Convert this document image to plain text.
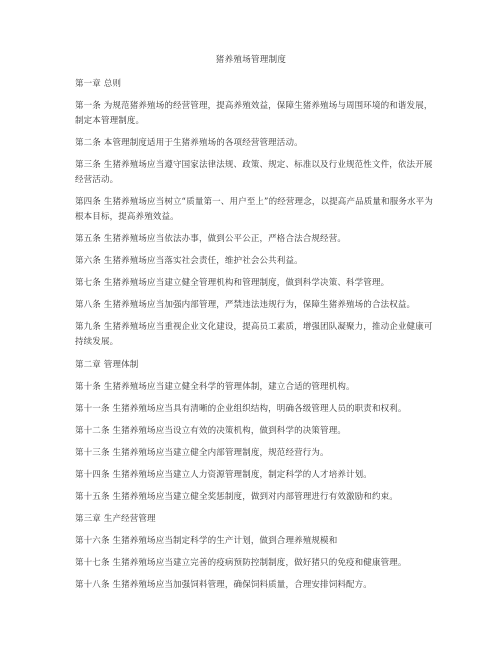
猪养殖场管理制度
第一章 总则
第一条 为规范猪养殖场的经营管理，提高养殖效益，保障生猪养殖场与周围环境的和谐发展，制定本管理制度。
第二条 本管理制度适用于生猪养殖场的各项经营管理活动。
第三条 生猪养殖场应当遵守国家法律法规、政策、规定、标准以及行业规范性文件，依法开展经营活动。
第四条 生猪养殖场应当树立“质量第一、用户至上”的经营理念，以提高产品质量和服务水平为根本目标，提高养殖效益。
第五条 生猪养殖场应当依法办事，做到公平公正，严格合法合规经营。
第六条 生猪养殖场应当落实社会责任，维护社会公共利益。
第七条 生猪养殖场应当建立健全管理机构和管理制度，做到科学决策、科学管理。
第八条 生猪养殖场应当加强内部管理，严禁违法违规行为，保障生猪养殖场的合法权益。
第九条 生猪养殖场应当重视企业文化建设，提高员工素质，增强团队凝聚力，推动企业健康可持续发展。
第二章 管理体制
第十条 生猪养殖场应当建立健全科学的管理体制，建立合适的管理机构。
第十一条 生猪养殖场应当具有清晰的企业组织结构，明确各级管理人员的职责和权利。
第十二条 生猪养殖场应当设立有效的决策机构，做到科学的决策管理。
第十三条 生猪养殖场应当建立健全内部管理制度，规范经营行为。
第十四条 生猪养殖场应当建立人力资源管理制度，制定科学的人才培养计划。
第十五条 生猪养殖场应当建立健全奖惩制度，做到对内部管理进行有效激励和约束。
第三章 生产经营管理
第十六条 生猪养殖场应当制定科学的生产计划，做到合理养殖规模和
第十七条 生猪养殖场应当建立完善的疫病预防控制制度，做好猪只的免疫和健康管理。
第十八条 生猪养殖场应当加强饲料管理，确保饲料质量，合理安排饲料配方。
